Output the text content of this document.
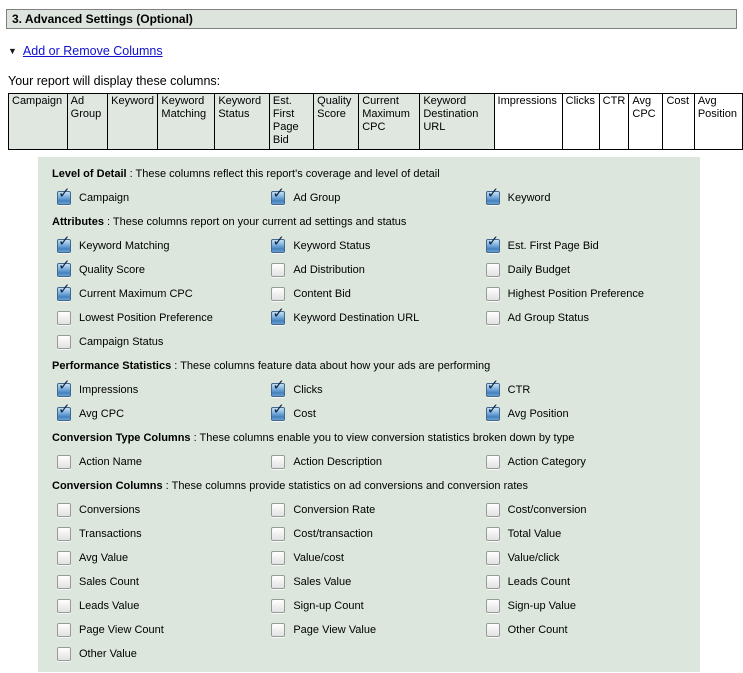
3. Advanced Settings (Optional)
▼ Add or Remove Columns
Your report will display these columns:
Campaign	Ad Group	Keyword	Keyword Matching	Keyword Status	Est. First Page Bid	Quality Score	Current Maximum CPC	Keyword Destination URL	Impressions	Clicks	CTR	Avg CPC	Cost	Avg Position
Level of Detail : These columns reflect this report's coverage and level of detail
✓
Campaign ✓	Ad Group ✓	Keyword
Attributes : These columns report on your current ad settings and status
✓
Keyword Matching ✓	Keyword Status ✓	Est. First Page Bid
✓
Quality Score	Ad Distribution	Daily Budget
✓
Current Maximum CPC	Content Bid	Highest Position Preference
Lowest Position Preference ✓	Keyword Destination URL	Ad Group Status
Campaign Status
Performance Statistics : These columns feature data about how your ads are performing
✓
Impressions ✓	Clicks ✓	CTR
✓
Avg CPC ✓	Cost ✓	Avg Position
Conversion Type Columns : These columns enable you to view conversion statistics broken down by type
Action Name	Action Description	Action Category
Conversion Columns : These columns provide statistics on ad conversions and conversion rates
Conversions	Conversion Rate	Cost/conversion
Transactions	Cost/transaction	Total Value
Avg Value	Value/cost	Value/click
Sales Count	Sales Value	Leads Count
Leads Value	Sign-up Count	Sign-up Value
Page View Count	Page View Value	Other Count
Other Value
